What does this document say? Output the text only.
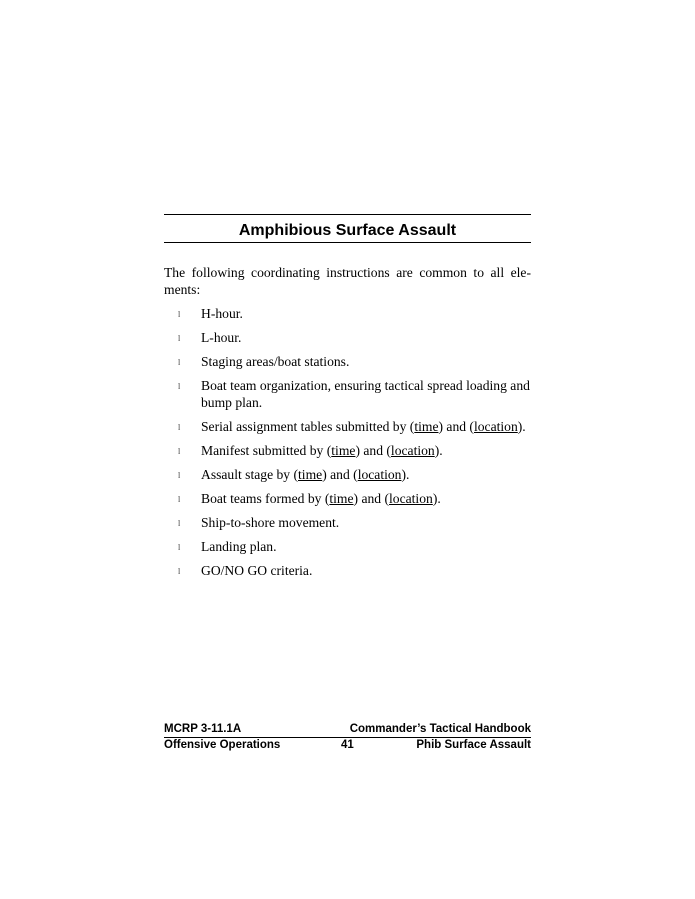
Amphibious Surface Assault

The following coordinating instructions are common to all ele-ments:

l H-hour.
l L-hour.
l Staging areas/boat stations.
l Boat team organization, ensuring tactical spread loading and bump plan.
l Serial assignment tables submitted by (time) and (location).
l Manifest submitted by (time) and (location).
l Assault stage by (time) and (location).
l Boat teams formed by (time) and (location).
l Ship-to-shore movement.
l Landing plan.
l GO/NO GO criteria.
MCRP 3-11.1A	Commander’s Tactical Handbook
Offensive Operations	41	Phib Surface Assault
